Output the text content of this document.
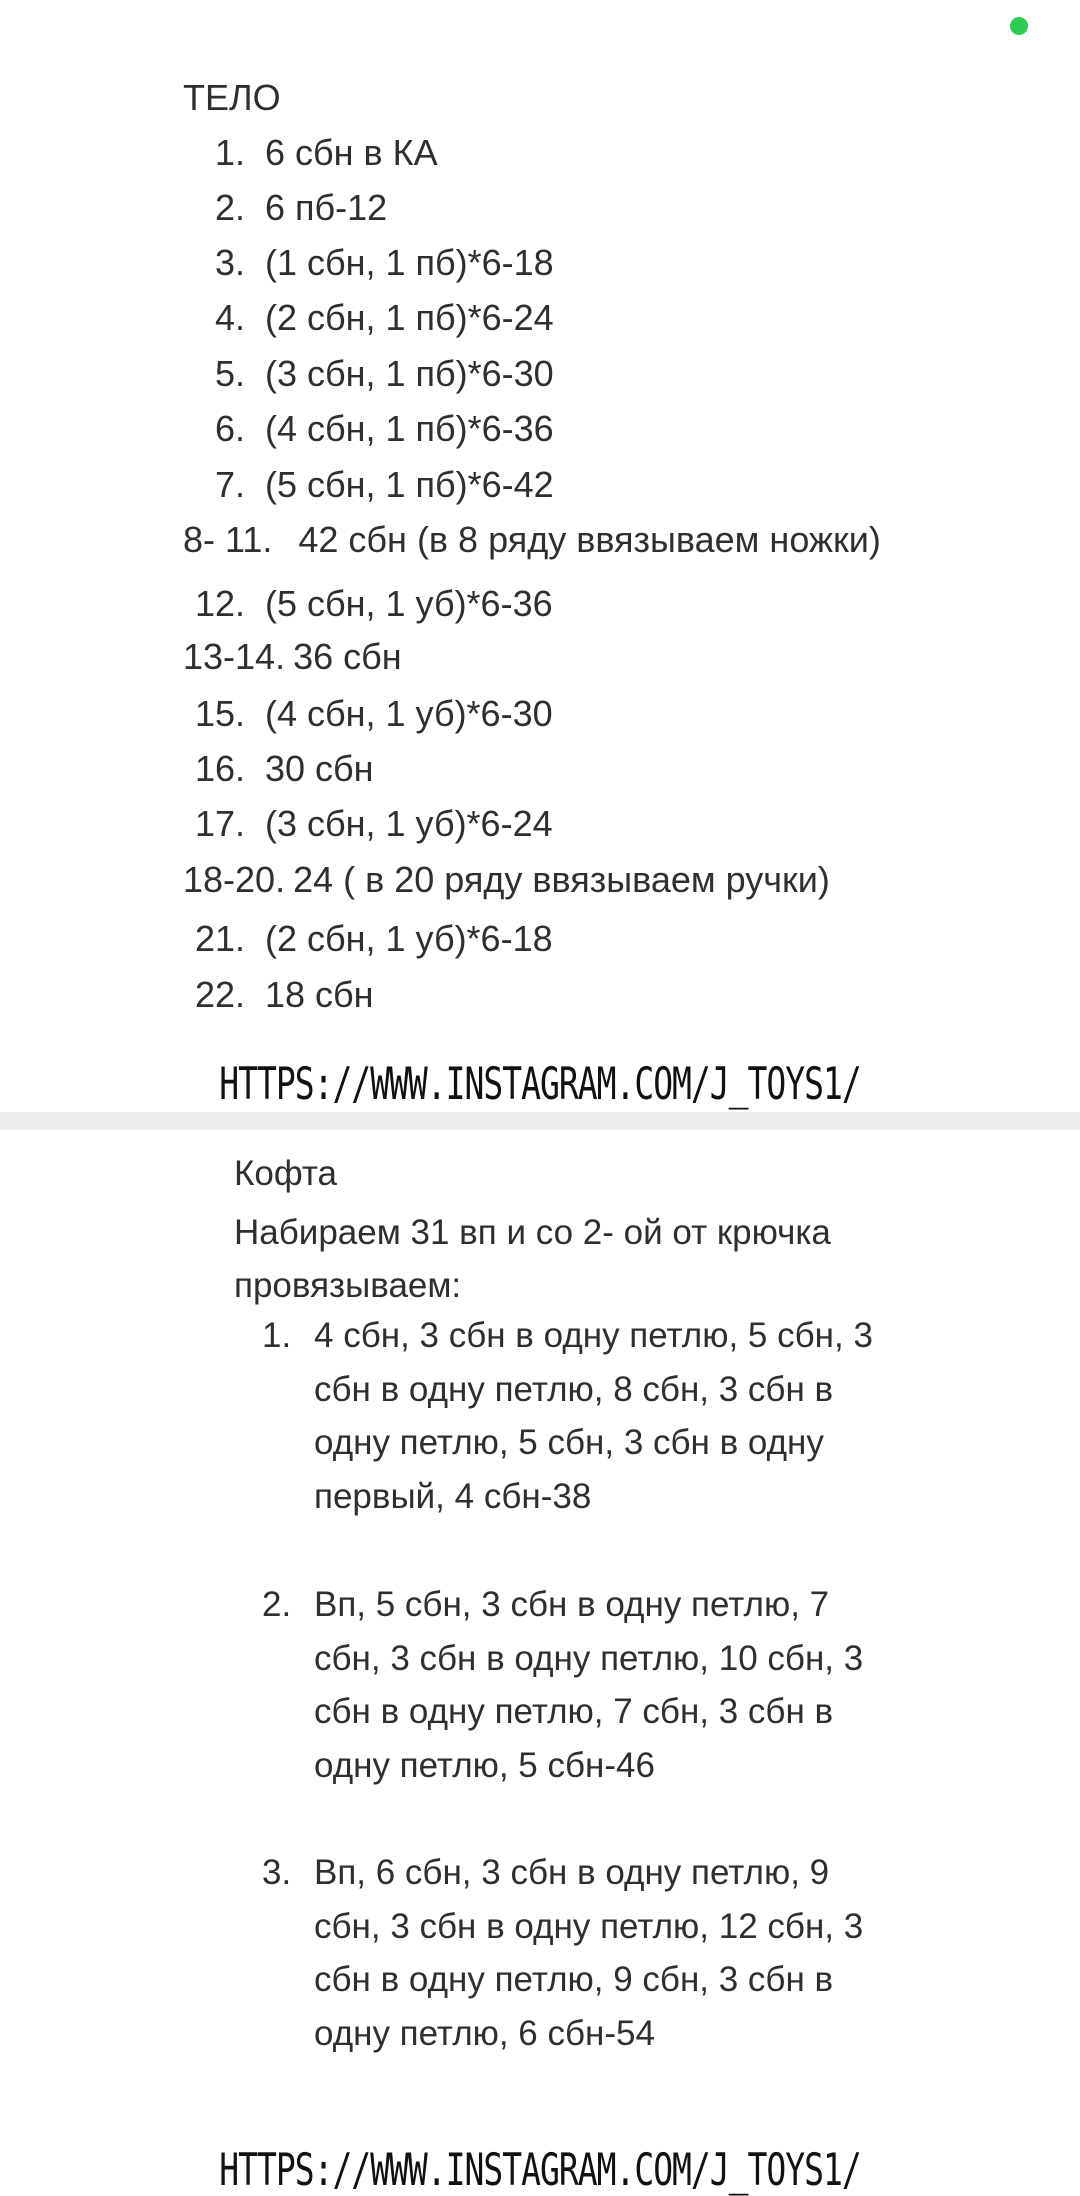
ТЕЛО
1. 6 сбн в КА
2. 6 пб-12
3. (1 сбн, 1 пб)*6-18
4. (2 сбн, 1 пб)*6-24
5. (3 сбн, 1 пб)*6-30
6. (4 сбн, 1 пб)*6-36
7. (5 сбн, 1 пб)*6-42
8- 11. 42 сбн (в 8 ряду ввязываем ножки)
12. (5 сбн, 1 уб)*6-36
13-14. 36 сбн
15. (4 сбн, 1 уб)*6-30
16. 30 сбн
17. (3 сбн, 1 уб)*6-24
18-20. 24 ( в 20 ряду ввязываем ручки)
21. (2 сбн, 1 уб)*6-18
22. 18 сбн
HTTPS://WWW.INSTAGRAM.COM/J_TOYS1/
Кофта
Набираем 31 вп и со 2- ой от крючка провязываем:
1. 4 сбн, 3 сбн в одну петлю, 5 сбн, 3 сбн в одну петлю, 8 сбн, 3 сбн в одну петлю, 5 сбн, 3 сбн в одну первый, 4 сбн-38
2. Вп, 5 сбн, 3 сбн в одну петлю, 7 сбн, 3 сбн в одну петлю, 10 сбн, 3 сбн в одну петлю, 7 сбн, 3 сбн в одну петлю, 5 сбн-46
3. Вп, 6 сбн, 3 сбн в одну петлю, 9 сбн, 3 сбн в одну петлю, 12 сбн, 3 сбн в одну петлю, 9 сбн, 3 сбн в одну петлю, 6 сбн-54
HTTPS://WWW.INSTAGRAM.COM/J_TOYS1/
